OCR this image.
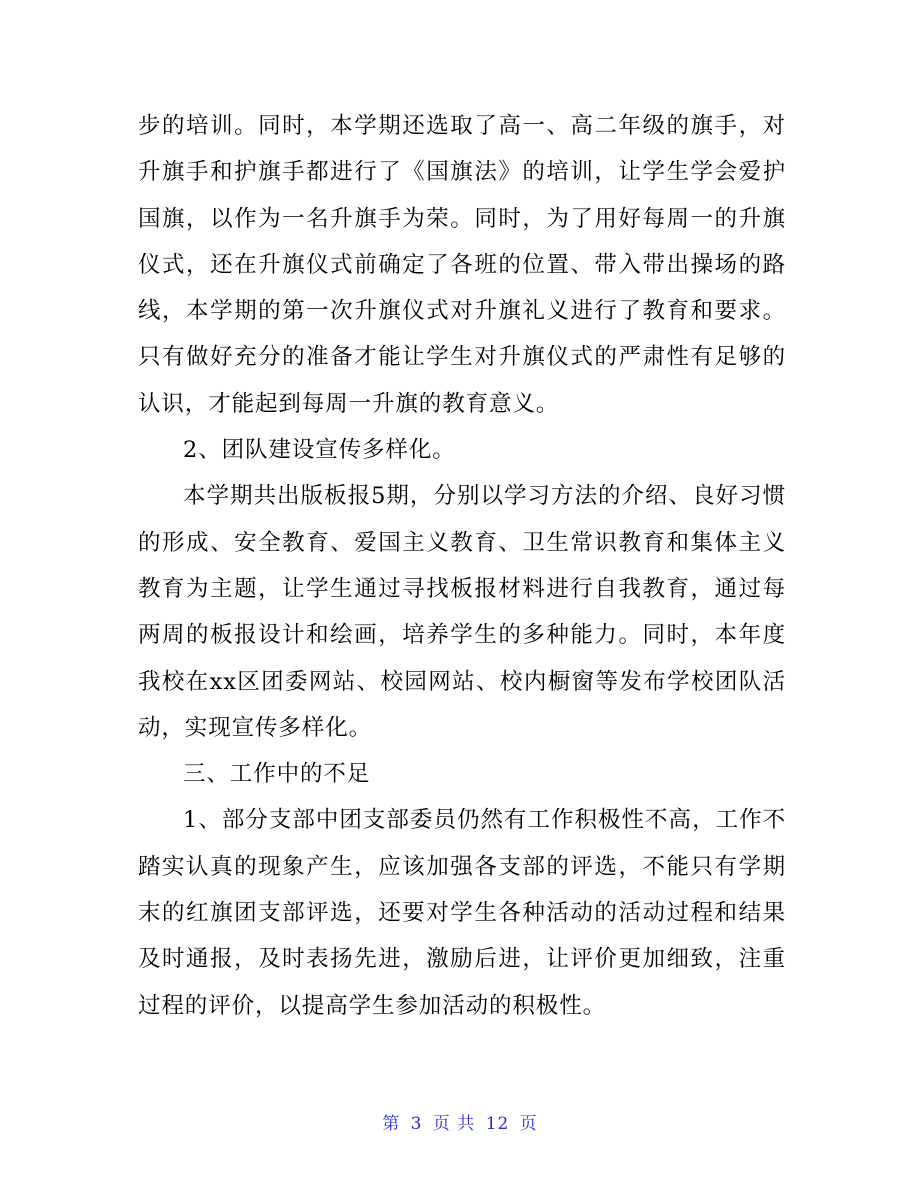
步的培训。同时，本学期还选取了高一、高二年级的旗手，对升旗手和护旗手都进行了《国旗法》的培训，让学生学会爱护国旗，以作为一名升旗手为荣。同时，为了用好每周一的升旗仪式，还在升旗仪式前确定了各班的位置、带入带出操场的路线，本学期的第一次升旗仪式对升旗礼义进行了教育和要求。只有做好充分的准备才能让学生对升旗仪式的严肃性有足够的认识，才能起到每周一升旗的教育意义。

2、团队建设宣传多样化。

本学期共出版板报5期，分别以学习方法的介绍、良好习惯的形成、安全教育、爱国主义教育、卫生常识教育和集体主义教育为主题，让学生通过寻找板报材料进行自我教育，通过每两周的板报设计和绘画，培养学生的多种能力。同时，本年度我校在xx区团委网站、校园网站、校内橱窗等发布学校团队活动，实现宣传多样化。

三、工作中的不足

1、部分支部中团支部委员仍然有工作积极性不高，工作不踏实认真的现象产生，应该加强各支部的评选，不能只有学期末的红旗团支部评选，还要对学生各种活动的活动过程和结果及时通报，及时表扬先进，激励后进，让评价更加细致，注重过程的评价，以提高学生参加活动的积极性。

第 3 页 共 12 页
